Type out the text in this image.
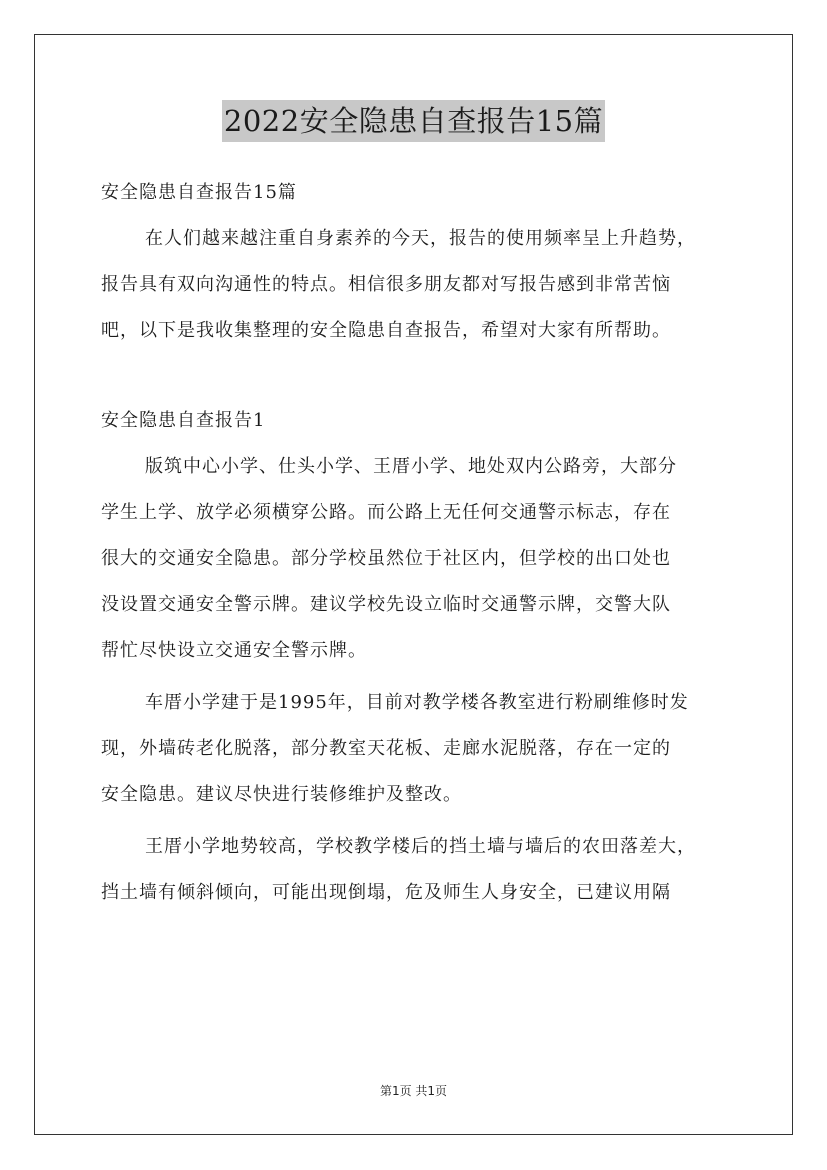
2022安全隐患自查报告15篇
安全隐患自查报告15篇
在人们越来越注重自身素养的今天，报告的使用频率呈上升趋势，
报告具有双向沟通性的特点。相信很多朋友都对写报告感到非常苦恼
吧，以下是我收集整理的安全隐患自查报告，希望对大家有所帮助。
安全隐患自查报告1
版筑中心小学、仕头小学、王厝小学、地处双内公路旁，大部分
学生上学、放学必须横穿公路。而公路上无任何交通警示标志，存在
很大的交通安全隐患。部分学校虽然位于社区内，但学校的出口处也
没设置交通安全警示牌。建议学校先设立临时交通警示牌，交警大队
帮忙尽快设立交通安全警示牌。
车厝小学建于是1995年，目前对教学楼各教室进行粉刷维修时发
现，外墙砖老化脱落，部分教室天花板、走廊水泥脱落，存在一定的
安全隐患。建议尽快进行装修维护及整改。
王厝小学地势较高，学校教学楼后的挡土墙与墙后的农田落差大，
挡土墙有倾斜倾向，可能出现倒塌，危及师生人身安全，已建议用隔
第1页 共1页
